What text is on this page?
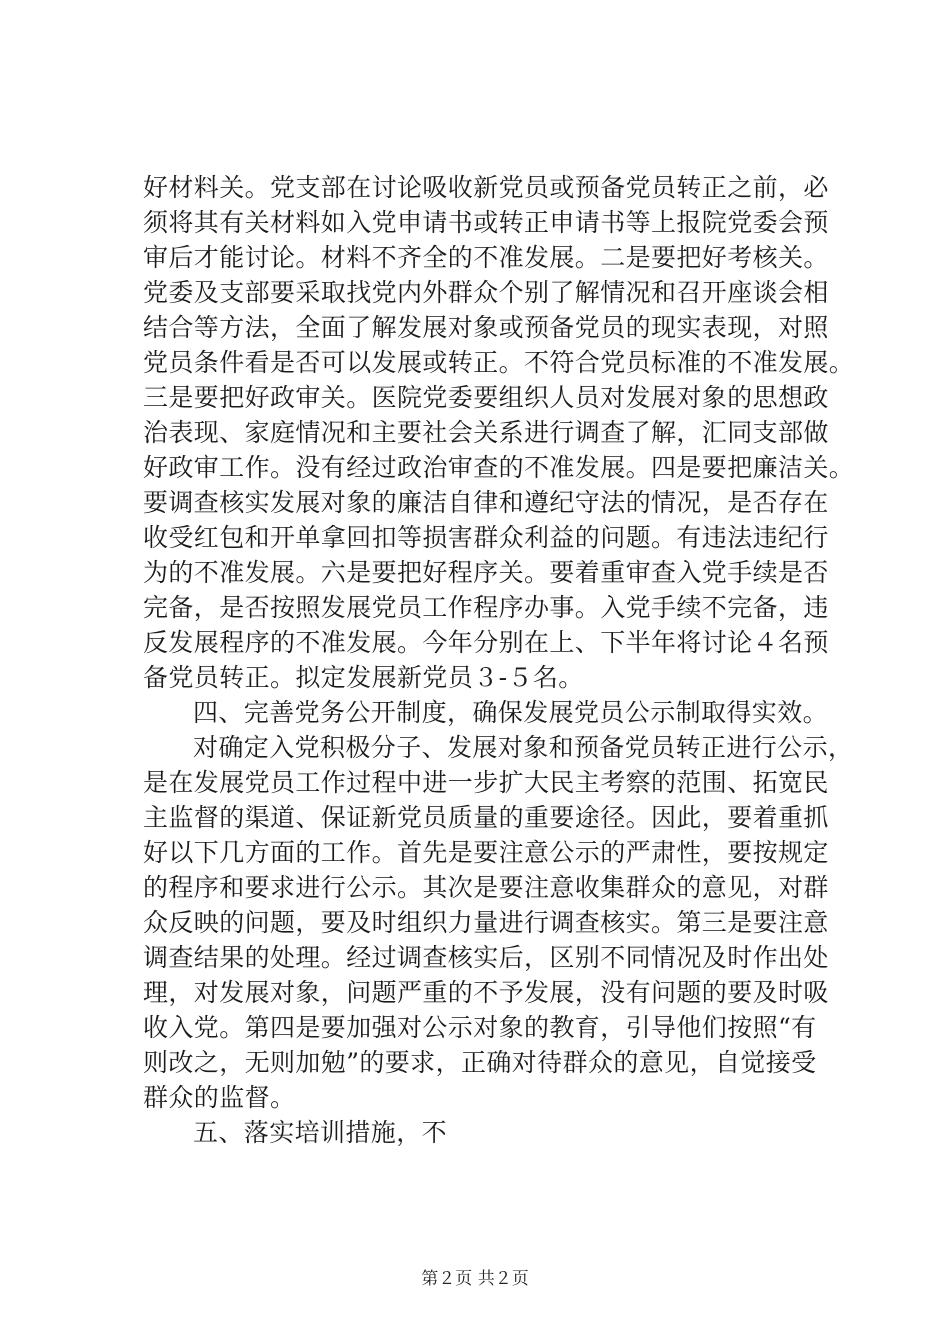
好材料关。党支部在讨论吸收新党员或预备党员转正之前，必
须将其有关材料如入党申请书或转正申请书等上报院党委会预
审后才能讨论。材料不齐全的不准发展。二是要把好考核关。
党委及支部要采取找党内外群众个别了解情况和召开座谈会相
结合等方法，全面了解发展对象或预备党员的现实表现，对照
党员条件看是否可以发展或转正。不符合党员标准的不准发展。
三是要把好政审关。医院党委要组织人员对发展对象的思想政
治表现、家庭情况和主要社会关系进行调查了解，汇同支部做
好政审工作。没有经过政治审查的不准发展。四是要把廉洁关。
要调查核实发展对象的廉洁自律和遵纪守法的情况，是否存在
收受红包和开单拿回扣等损害群众利益的问题。有违法违纪行
为的不准发展。六是要把好程序关。要着重审查入党手续是否
完备，是否按照发展党员工作程序办事。入党手续不完备，违
反发展程序的不准发展。今年分别在上、下半年将讨论４名预
备党员转正。拟定发展新党员３-５名。
四、完善党务公开制度，确保发展党员公示制取得实效。
对确定入党积极分子、发展对象和预备党员转正进行公示，
是在发展党员工作过程中进一步扩大民主考察的范围、拓宽民
主监督的渠道、保证新党员质量的重要途径。因此，要着重抓
好以下几方面的工作。首先是要注意公示的严肃性，要按规定
的程序和要求进行公示。其次是要注意收集群众的意见，对群
众反映的问题，要及时组织力量进行调查核实。第三是要注意
调查结果的处理。经过调查核实后，区别不同情况及时作出处
理，对发展对象，问题严重的不予发展，没有问题的要及时吸
收入党。第四是要加强对公示对象的教育，引导他们按照“有
则改之，无则加勉”的要求，正确对待群众的意见，自觉接受
群众的监督。
五、落实培训措施，不
第２页 共２页
